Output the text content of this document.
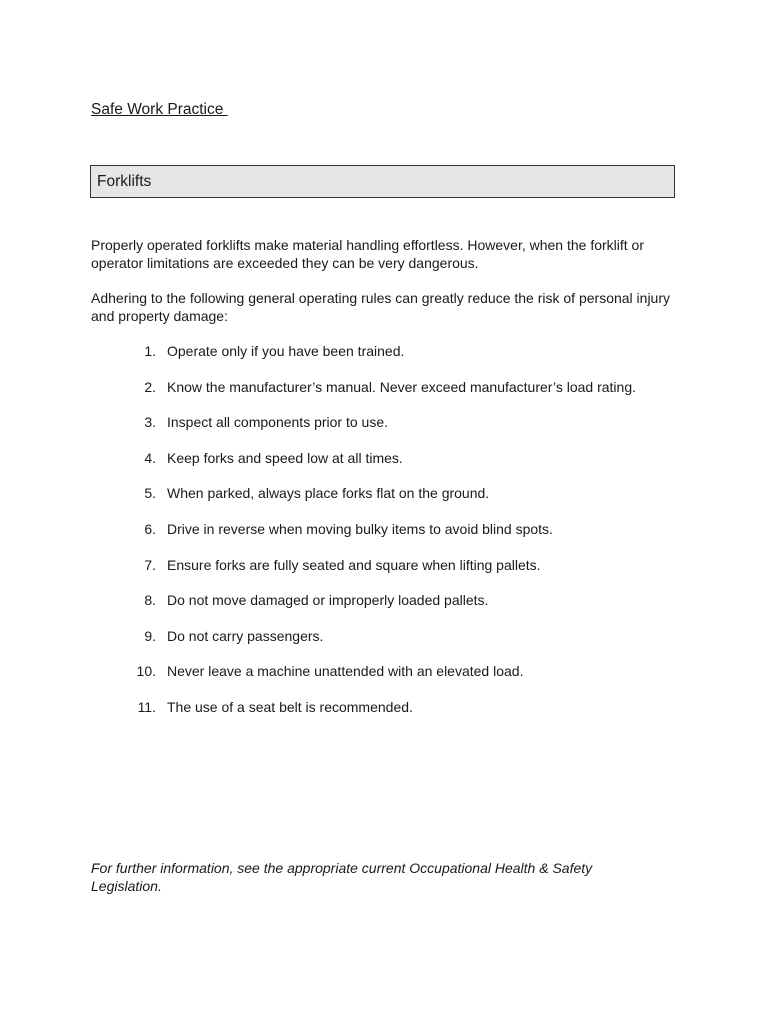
Safe Work Practice
Forklifts

Properly operated forklifts make material handling effortless. However, when the forklift or operator limitations are exceeded they can be very dangerous.

Adhering to the following general operating rules can greatly reduce the risk of personal injury and property damage:

1. Operate only if you have been trained.
2. Know the manufacturer’s manual. Never exceed manufacturer’s load rating.
3. Inspect all components prior to use.
4. Keep forks and speed low at all times.
5. When parked, always place forks flat on the ground.
6. Drive in reverse when moving bulky items to avoid blind spots.
7. Ensure forks are fully seated and square when lifting pallets.
8. Do not move damaged or improperly loaded pallets.
9. Do not carry passengers.
10. Never leave a machine unattended with an elevated load.
11. The use of a seat belt is recommended.

For further information, see the appropriate current Occupational Health & Safety Legislation.
